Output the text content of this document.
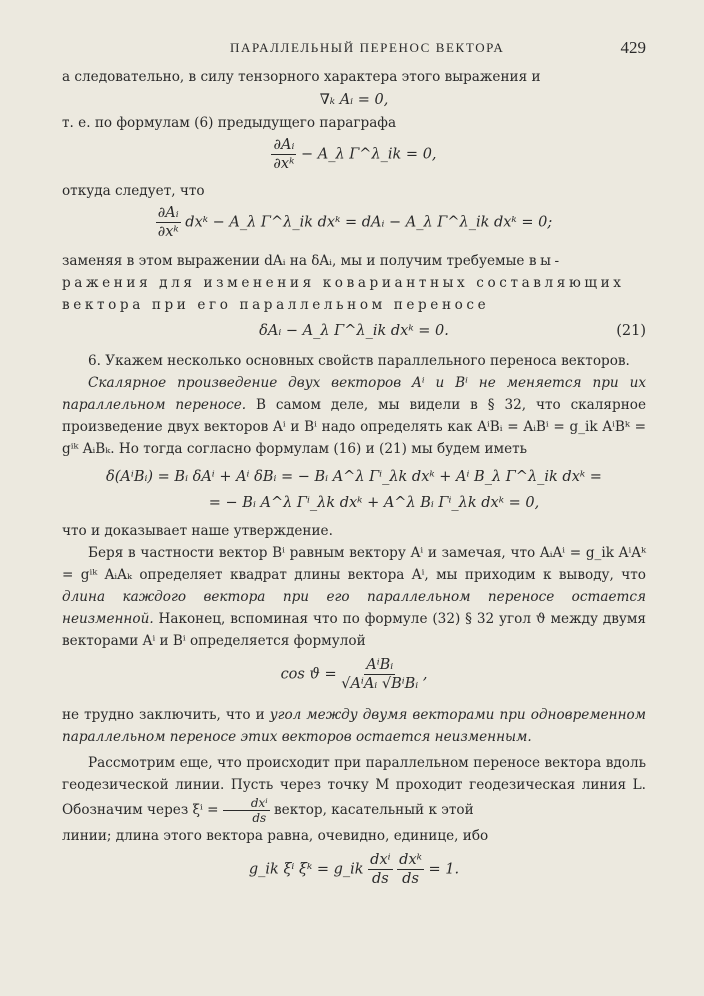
ПАРАЛЛЕЛЬНЫЙ ПЕРЕНОС ВЕКТОРА	429

а следовательно, в силу тензорного характера этого выражения и

∇ₖ Aᵢ = 0,

т. е. по формулам (6) предыдущего параграфа

$\frac{\text{∂Aᵢ}}{\text{∂xᵏ}}$ − A_λ Γ^λ_ik = 0,

откуда следует, что

$\frac{\text{∂Aᵢ}}{\text{∂xᵏ}}$ dxᵏ − A_λ Γ^λ_ik dxᵏ = dAᵢ − A_λ Γ^λ_ik dxᵏ = 0;

заменяя в этом выражении dAᵢ на δAᵢ, мы и получим требуемые вы-

ражения для изменения ковариантных составляющих

вектора при его параллельном переносе

δAᵢ − A_λ Γ^λ_ik dxᵏ = 0.	(21)

6. Укажем несколько основных свойств параллельного переноса векторов.

Скалярное произведение двух векторов Aⁱ и Bⁱ не меняется при их параллельном переносе. В самом деле, мы видели в § 32, что скалярное произведение двух векторов Aⁱ и Bⁱ надо определять как AⁱBᵢ = AᵢBⁱ = g_ik AⁱBᵏ = gⁱᵏ AᵢBₖ. Но тогда согласно формулам (16) и (21) мы будем иметь

δ(AⁱBᵢ) = Bᵢ δAⁱ + Aⁱ δBᵢ = − Bᵢ A^λ Γⁱ_λk dxᵏ + Aⁱ B_λ Γ^λ_ik dxᵏ =
= − Bᵢ A^λ Γⁱ_λk dxᵏ + A^λ Bᵢ Γⁱ_λk dxᵏ = 0,

что и доказывает наше утверждение.

Беря в частности вектор Bⁱ равным вектору Aⁱ и замечая, что AᵢAⁱ = g_ik AⁱAᵏ = gⁱᵏ AᵢAₖ определяет квадрат длины вектора Aⁱ, мы приходим к выводу, что длина каждого вектора при его параллельном переносе остается неизменной. Наконец, вспоминая что по формуле (32) § 32 угол ϑ между двумя векторами Aⁱ и Bⁱ определяется формулой

$\cos ϑ = \frac{\text{AⁱBᵢ}}{\text{√AⁱAᵢ √BⁱBᵢ}}$ ,

не трудно заключить, что и угол между двумя векторами при одновременном параллельном переносе этих векторов остается неизменным.

Рассмотрим еще, что происходит при параллельном переносе вектора вдоль геодезической линии. Пусть через точку M проходит геодезическая линия L. Обозначим через $\xi^i = \frac{\text{dxⁱ}}{ds}$ вектор, касательный к этой

линии; длина этого вектора равна, очевидно, единице, ибо

g_ik ξⁱ ξᵏ = g_ik $\frac{\text{dxⁱ}}{ds}$
$\frac{\text{dxᵏ}}{ds} = 1$.
